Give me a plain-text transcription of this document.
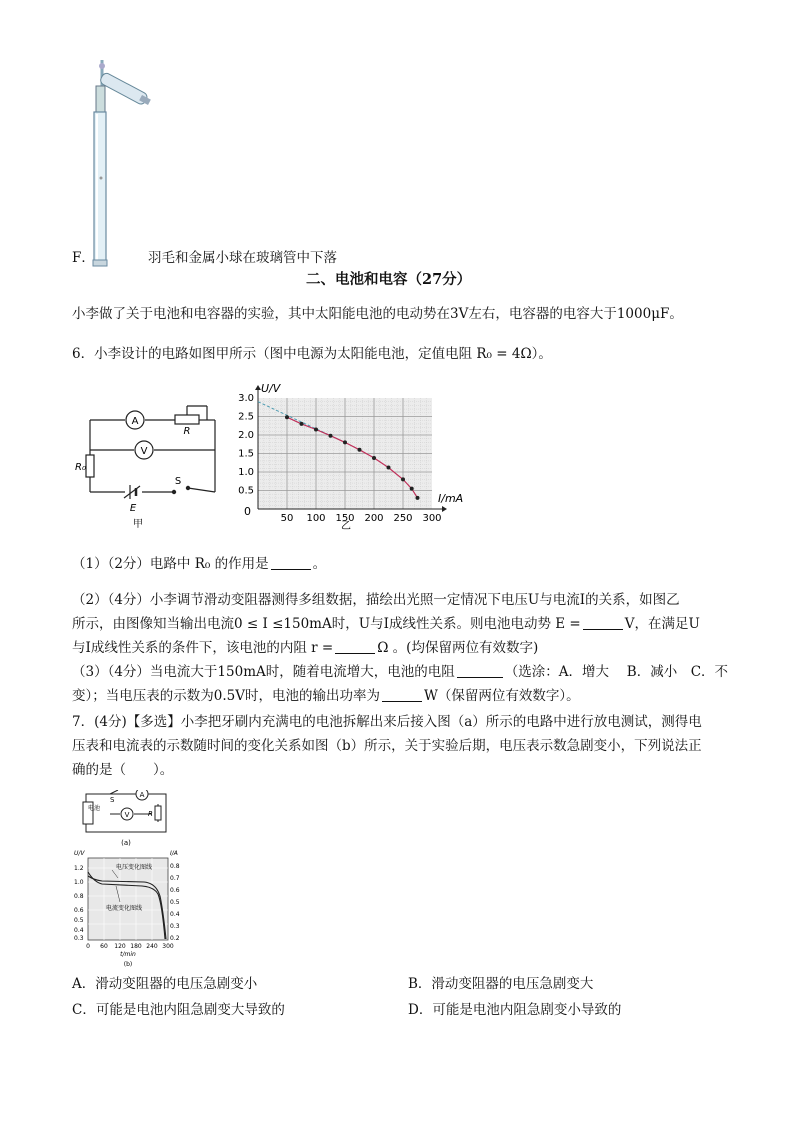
F．	羽毛和金属小球在玻璃管中下落
二、电池和电容（27分）
小李做了关于电池和电容器的实验，其中太阳能电池的电动势在3V左右，电容器的电容大于1000μF。
6．小李设计的电路如图甲所示（图中电源为太阳能电池，定值电阻 R₀ = 4Ω）。
A
V
R
R₀
E
S
甲
50 100 150 200 250 300
0.5
1.0
1.5
2.0
2.5
3.0
U/V
I/mA
0
乙
（1）（2分）电路中 R₀ 的作用是	。
（2）（4分）小李调节滑动变阻器测得多组数据，描绘出光照一定情况下电压U与电流I的关系，如图乙
所示，由图像知当输出电流0 ≤ I ≤150mA时，U与I成线性关系。则电池电动势 E =	V，在满足U
与I成线性关系的条件下，该电池的内阻 r =	Ω 。(均保留两位有效数字)
（3）（4分）当电流大于150mA时，随着电流增大，电池的电阻	（选涂：A．增大　 B．减小　C．不
变）；当电压表的示数为0.5V时，电池的输出功率为	W（保留两位有效数字）。
7．(4分)【多选】小李把牙刷内充满电的电池拆解出来后接入图（a）所示的电路中进行放电测试，测得电
压表和电流表的示数随时间的变化关系如图（b）所示，关于实验后期，电压表示数急剧变小，下列说法正
确的是（　　）。
电池
S
A
V	R
(a)
电压变化图线
电流变化图线
U/V	I/A
1.2
1.0
0.8
0.6
0.5
0.4
0.3
0.8
0.7
0.6
0.5
0.4
0.3
0.2
0 60 120 180 240 300
t/min
(b)
A．滑动变阻器的电压急剧变小	B．滑动变阻器的电压急剧变大
C．可能是电池内阻急剧变大导致的	D．可能是电池内阻急剧变小导致的
